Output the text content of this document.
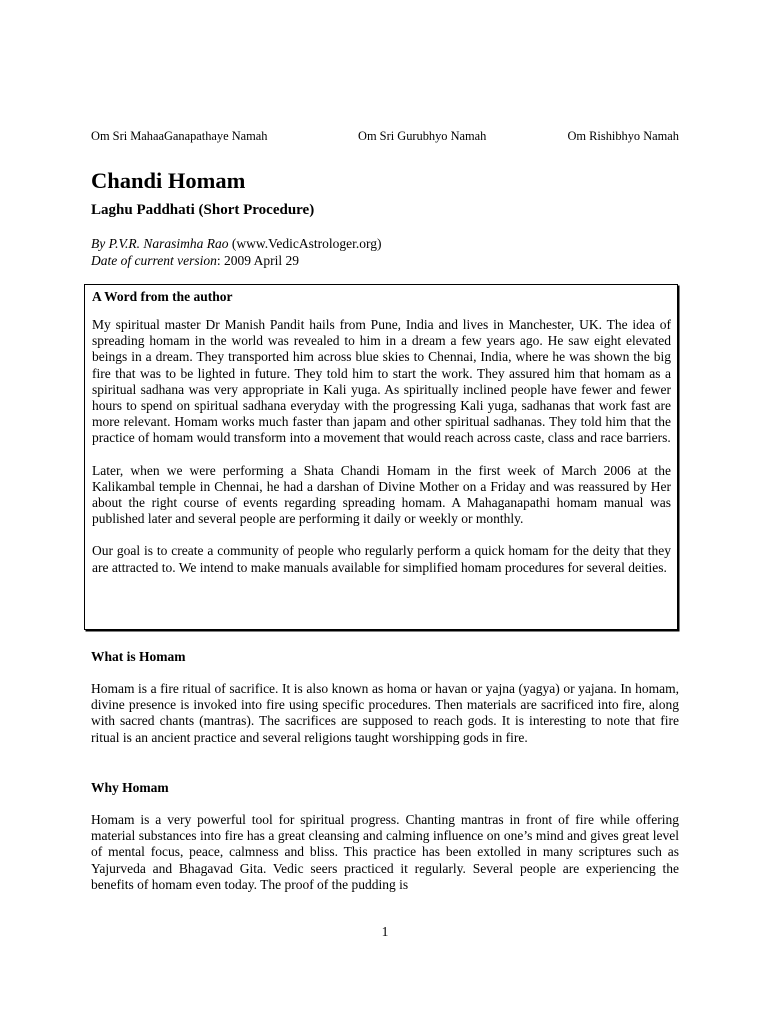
Om Sri MahaaGanapathaye Namah	Om Sri Gurubhyo Namah	Om Rishibhyo Namah
Chandi Homam
Laghu Paddhati (Short Procedure)
By P.V.R. Narasimha Rao (www.VedicAstrologer.org)
Date of current version: 2009 April 29
A Word from the author

My spiritual master Dr Manish Pandit hails from Pune, India and lives in Manchester, UK. The idea of spreading homam in the world was revealed to him in a dream a few years ago. He saw eight elevated beings in a dream. They transported him across blue skies to Chennai, India, where he was shown the big fire that was to be lighted in future. They told him to start the work. They assured him that homam as a spiritual sadhana was very appropriate in Kali yuga. As spiritually inclined people have fewer and fewer hours to spend on spiritual sadhana everyday with the progressing Kali yuga, sadhanas that work fast are more relevant. Homam works much faster than japam and other spiritual sadhanas. They told him that the practice of homam would transform into a movement that would reach across caste, class and race barriers.

Later, when we were performing a Shata Chandi Homam in the first week of March 2006 at the Kalikambal temple in Chennai, he had a darshan of Divine Mother on a Friday and was reassured by Her about the right course of events regarding spreading homam. A Mahaganapathi homam manual was published later and several people are performing it daily or weekly or monthly.

Our goal is to create a community of people who regularly perform a quick homam for the deity that they are attracted to. We intend to make manuals available for simplified homam procedures for several deities.

What is Homam

Homam is a fire ritual of sacrifice. It is also known as homa or havan or yajna (yagya) or yajana. In homam, divine presence is invoked into fire using specific procedures. Then materials are sacrificed into fire, along with sacred chants (mantras). The sacrifices are supposed to reach gods. It is interesting to note that fire ritual is an ancient practice and several religions taught worshipping gods in fire.

Why Homam

Homam is a very powerful tool for spiritual progress. Chanting mantras in front of fire while offering material substances into fire has a great cleansing and calming influence on one’s mind and gives great level of mental focus, peace, calmness and bliss. This practice has been extolled in many scriptures such as Yajurveda and Bhagavad Gita. Vedic seers practiced it regularly. Several people are experiencing the benefits of homam even today. The proof of the pudding is

1
